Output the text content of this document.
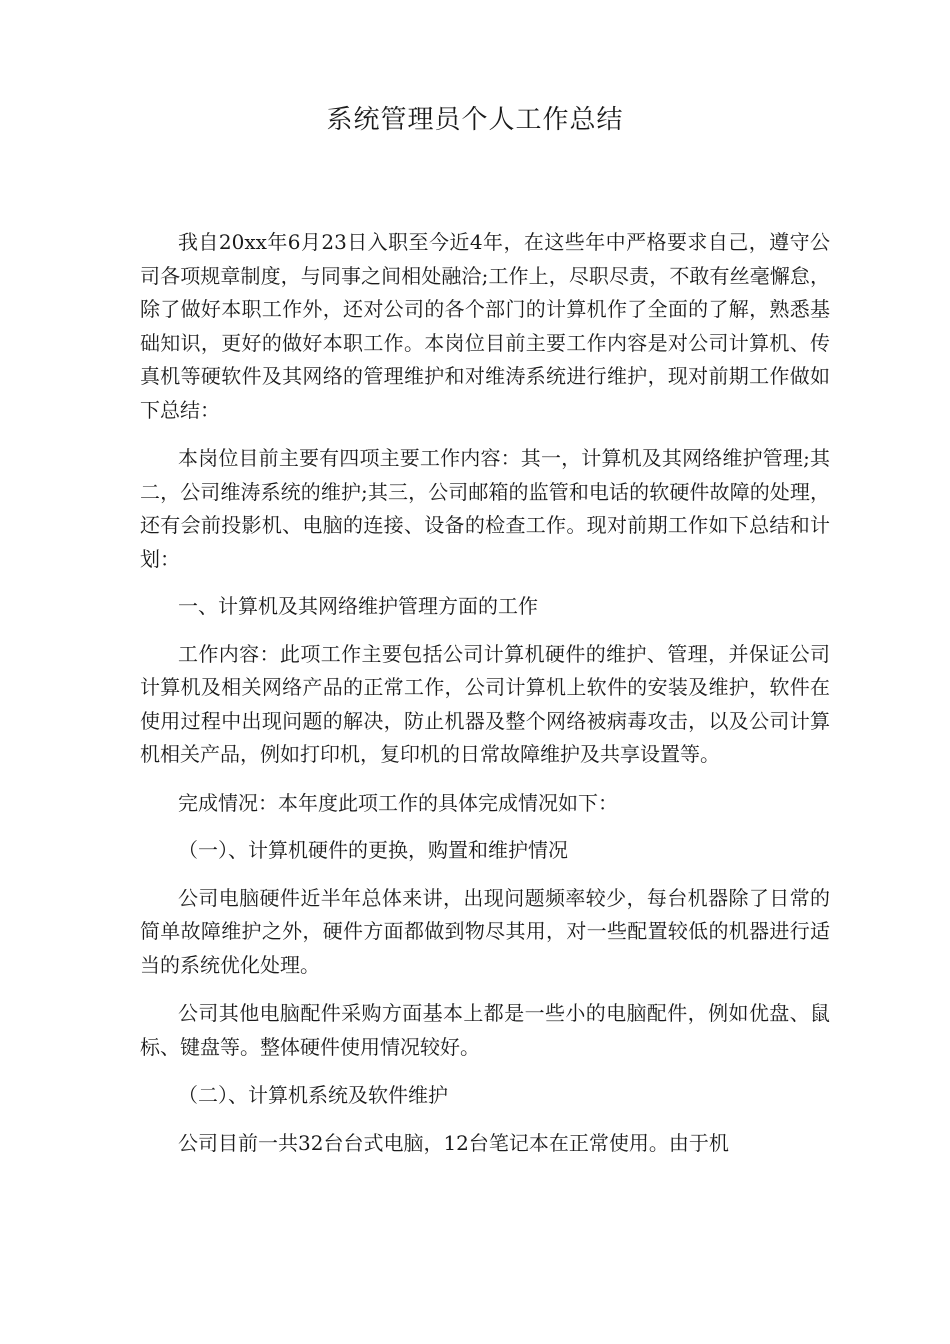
系统管理员个人工作总结

我自20xx年6月23日入职至今近4年，在这些年中严格要求自己，遵守公司各项规章制度，与同事之间相处融洽;工作上，尽职尽责，不敢有丝毫懈怠，除了做好本职工作外，还对公司的各个部门的计算机作了全面的了解，熟悉基础知识，更好的做好本职工作。本岗位目前主要工作内容是对公司计算机、传真机等硬软件及其网络的管理维护和对维涛系统进行维护，现对前期工作做如下总结：

本岗位目前主要有四项主要工作内容：其一，计算机及其网络维护管理;其二，公司维涛系统的维护;其三，公司邮箱的监管和电话的软硬件故障的处理，还有会前投影机、电脑的连接、设备的检查工作。现对前期工作如下总结和计划：

一、计算机及其网络维护管理方面的工作

工作内容：此项工作主要包括公司计算机硬件的维护、管理，并保证公司计算机及相关网络产品的正常工作，公司计算机上软件的安装及维护，软件在使用过程中出现问题的解决，防止机器及整个网络被病毒攻击，以及公司计算机相关产品，例如打印机，复印机的日常故障维护及共享设置等。

完成情况：本年度此项工作的具体完成情况如下：

（一）、计算机硬件的更换，购置和维护情况

公司电脑硬件近半年总体来讲，出现问题频率较少，每台机器除了日常的简单故障维护之外，硬件方面都做到物尽其用，对一些配置较低的机器进行适当的系统优化处理。

公司其他电脑配件采购方面基本上都是一些小的电脑配件，例如优盘、鼠标、键盘等。整体硬件使用情况较好。

（二）、计算机系统及软件维护

公司目前一共32台台式电脑，12台笔记本在正常使用。由于机
